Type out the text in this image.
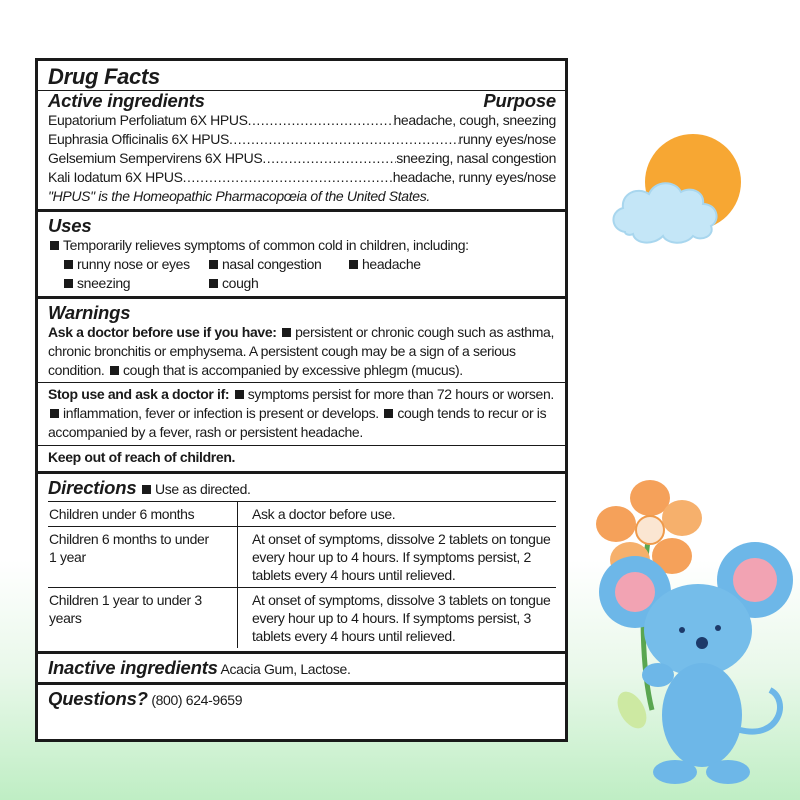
Drug Facts
Active ingredients	Purpose
Eupatorium Perfoliatum 6X HPUS .....	headache, cough, sneezing
Euphrasia Officinalis 6X HPUS .....	runny eyes/nose
Gelsemium Sempervirens 6X HPUS .....	sneezing, nasal congestion
Kali Iodatum 6X HPUS .....	headache, runny eyes/nose
"HPUS" is the Homeopathic Pharmacopœia of the United States.
Uses
Temporarily relieves symptoms of common cold in children, including:
runny nose or eyes	nasal congestion	headache
sneezing	cough
Warnings
Ask a doctor before use if you have: persistent or chronic cough such as asthma, chronic bronchitis or emphysema. A persistent cough may be a sign of a serious condition. cough that is accompanied by excessive phlegm (mucus).
Stop use and ask a doctor if: symptoms persist for more than 72 hours or worsen. inflammation, fever or infection is present or develops. cough tends to recur or is accompanied by a fever, rash or persistent headache.
Keep out of reach of children.
Directions Use as directed.
Children under 6 months	Ask a doctor before use.
Children 6 months to under 1 year	At onset of symptoms, dissolve 2 tablets on tongue every hour up to 4 hours. If symptoms persist, 2 tablets every 4 hours until relieved.
Children 1 year to under 3 years	At onset of symptoms, dissolve 3 tablets on tongue every hour up to 4 hours. If symptoms persist, 3 tablets every 4 hours until relieved.
Inactive ingredients Acacia Gum, Lactose.
Questions? (800) 624-9659
